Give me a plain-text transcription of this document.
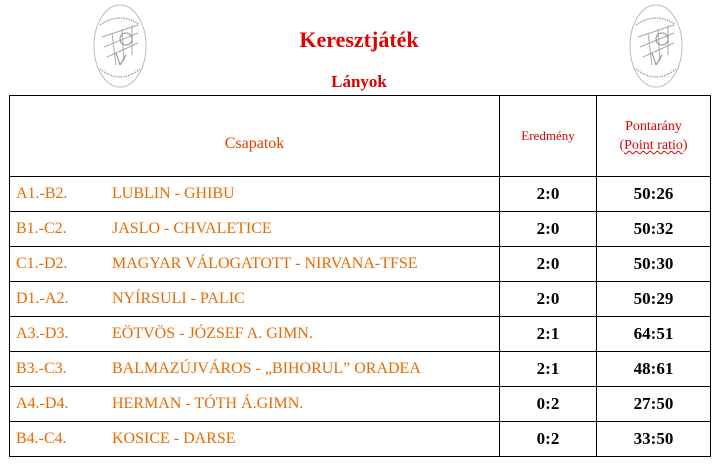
Keresztjáték
Lányok
Csapatok	Eredmény	Pontarány
(Point ratio)
A1.-B2. LUBLIN - GHIBU	2:0	50:26
B1.-C2. JASLO - CHVALETICE	2:0	50:32
C1.-D2. MAGYAR VÁLOGATOTT - NIRVANA-TFSE	2:0	50:30
D1.-A2. NYÍRSULI - PALIC	2:0	50:29
A3.-D3. EÖTVÖS - JÓZSEF A. GIMN.	2:1	64:51
B3.-C3. BALMAZÚJVÁROS - „BIHORUL” ORADEA	2:1	48:61
A4.-D4. HERMAN - TÓTH Á.GIMN.	0:2	27:50
B4.-C4. KOSICE - DARSE	0:2	33:50
